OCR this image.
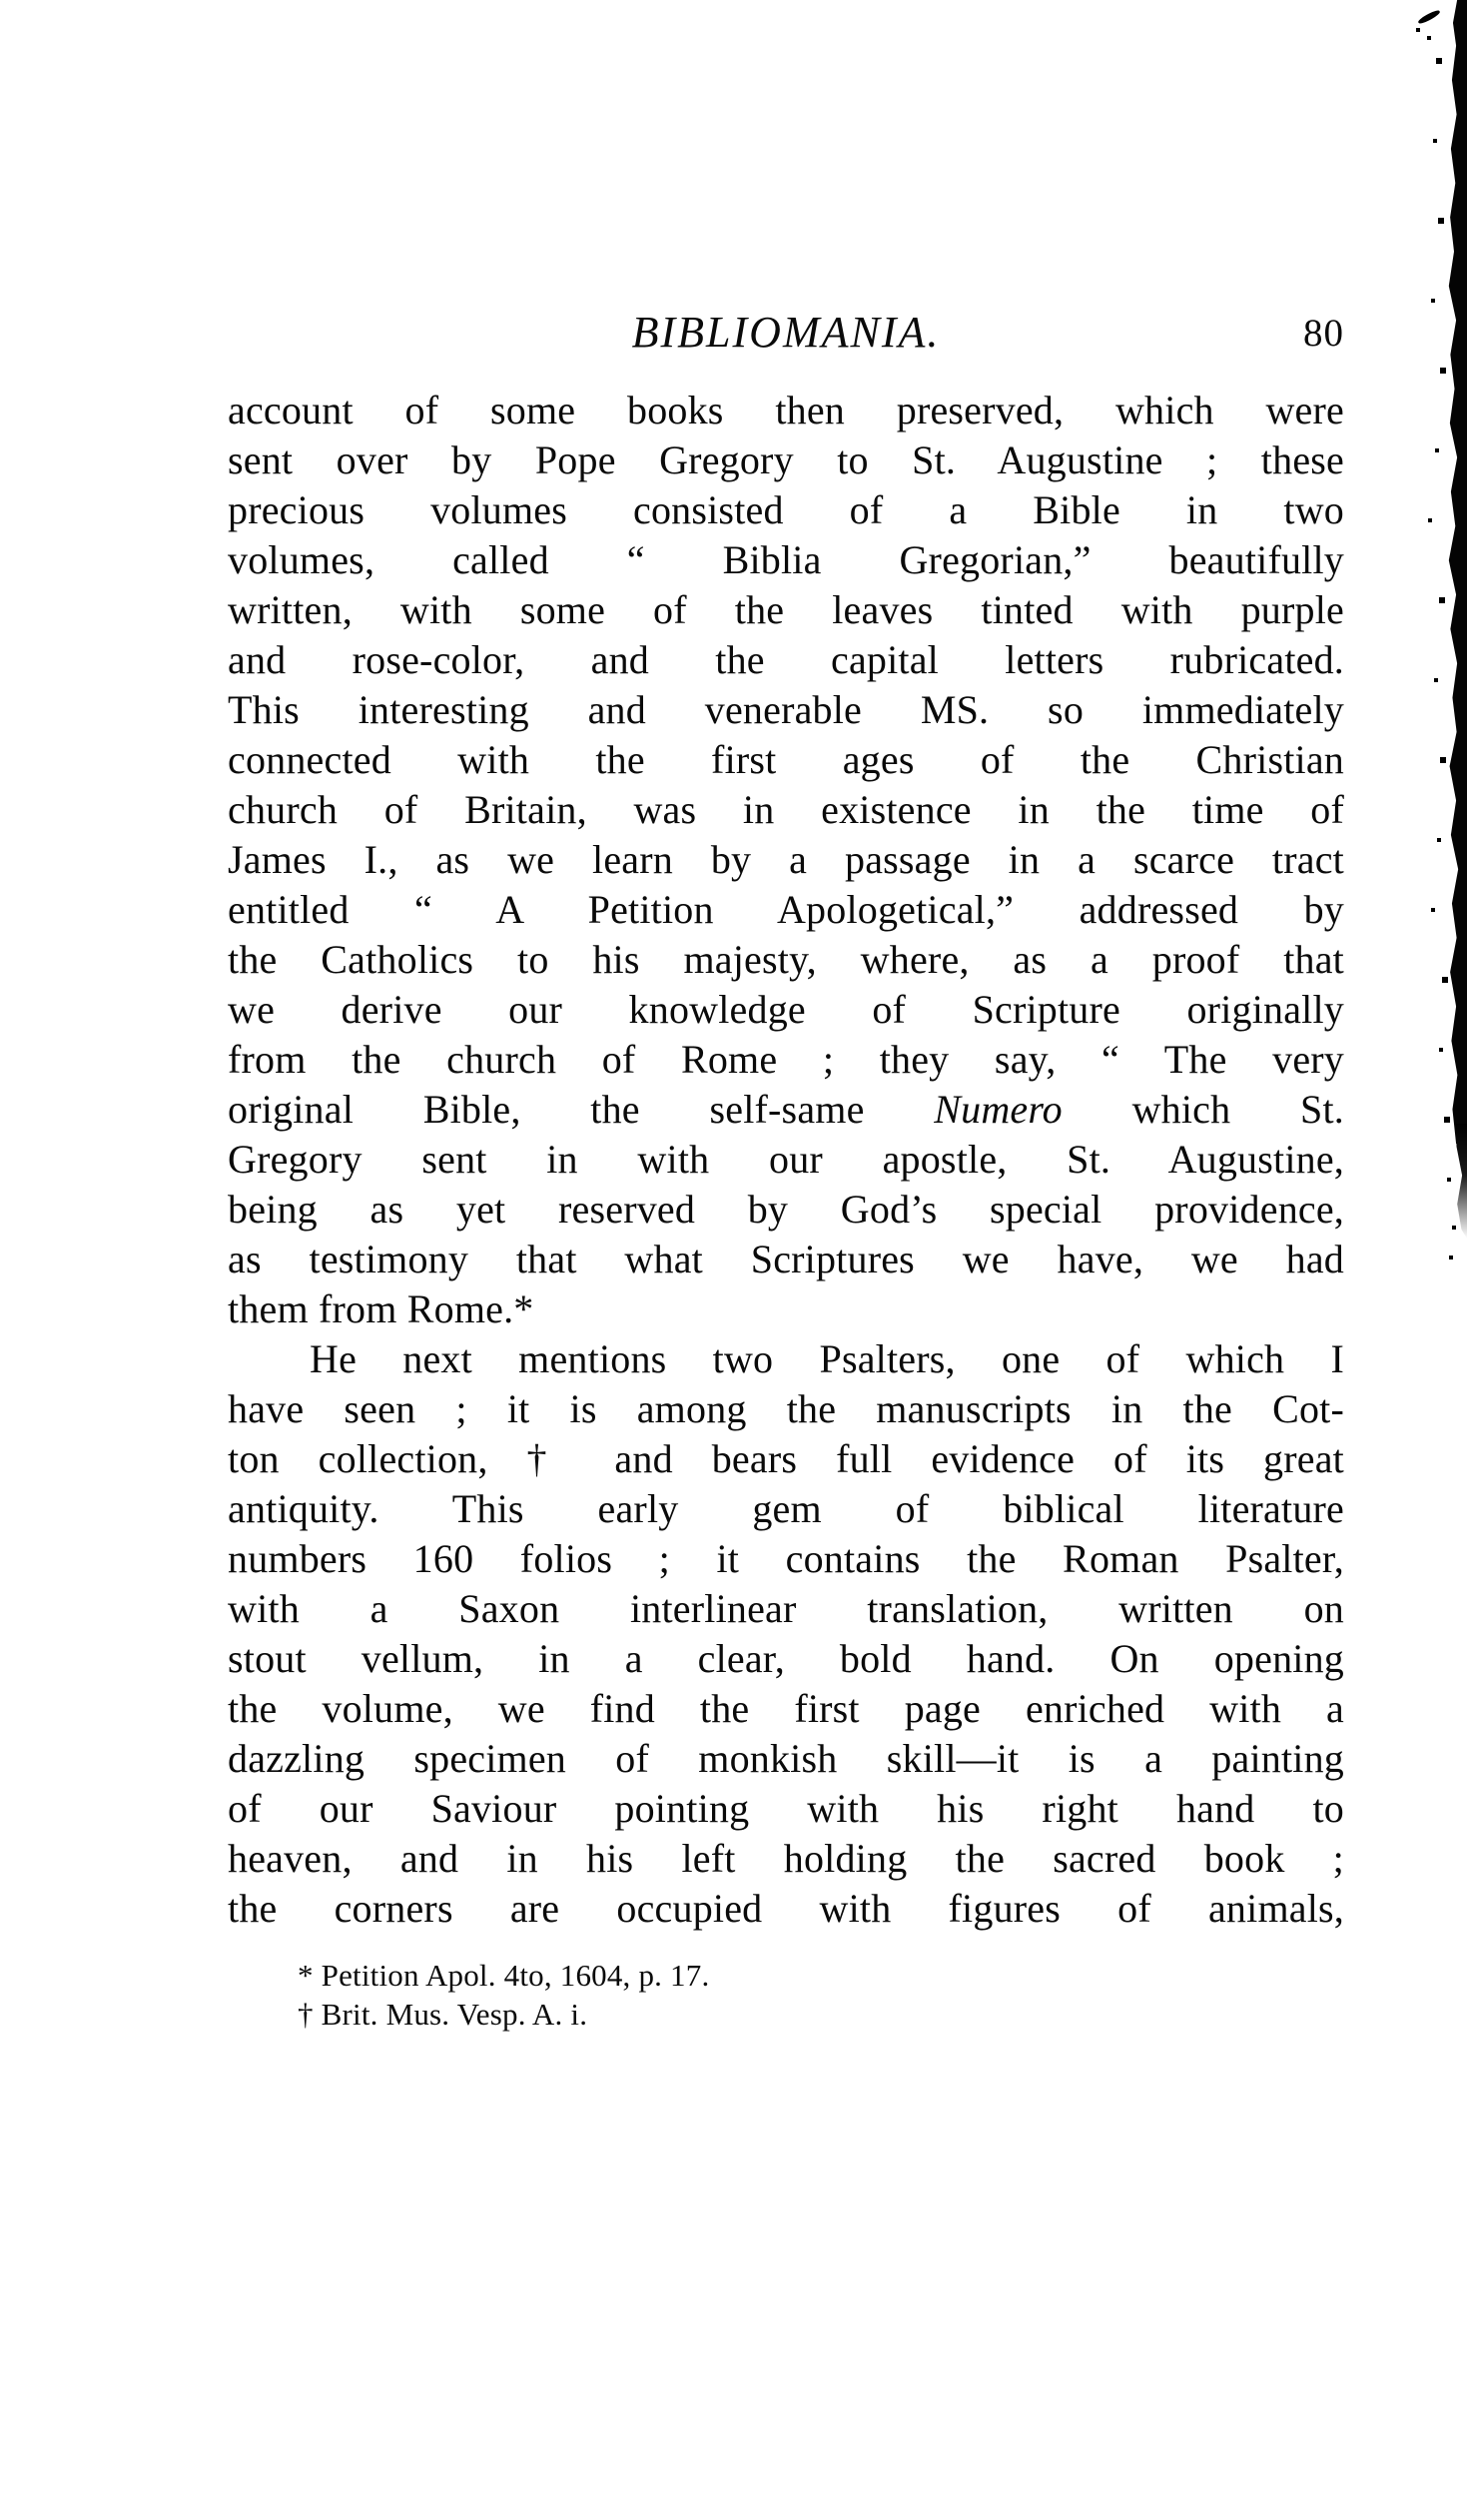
BIBLIOMANIA.	80
account of some books then preserved, which were
sent over by Pope Gregory to St. Augustine ; these
precious volumes consisted of a Bible in two
volumes, called “ Biblia Gregorian,” beautifully
written, with some of the leaves tinted with purple
and rose-color, and the capital letters rubricated.
This interesting and venerable MS. so immediately
connected with the first ages of the Christian
church of Britain, was in existence in the time of
James I., as we learn by a passage in a scarce tract
entitled “ A Petition Apologetical,” addressed by
the Catholics to his majesty, where, as a proof that
we derive our knowledge of Scripture originally
from the church of Rome ; they say, “ The very
original Bible, the self-same Numero which St.
Gregory sent in with our apostle, St. Augustine,
being as yet reserved by God’s special providence,
as testimony that what Scriptures we have, we had
them from Rome.*
He next mentions two Psalters, one of which I
have seen ; it is among the manuscripts in the Cot-
ton collection, † and bears full evidence of its great
antiquity. This early gem of biblical literature
numbers 160 folios ; it contains the Roman Psalter,
with a Saxon interlinear translation, written on
stout vellum, in a clear, bold hand. On opening
the volume, we find the first page enriched with a
dazzling specimen of monkish skill—it is a painting
of our Saviour pointing with his right hand to
heaven, and in his left holding the sacred book ;
the corners are occupied with figures of animals,
* Petition Apol. 4to, 1604, p. 17.
† Brit. Mus. Vesp. A. i.
